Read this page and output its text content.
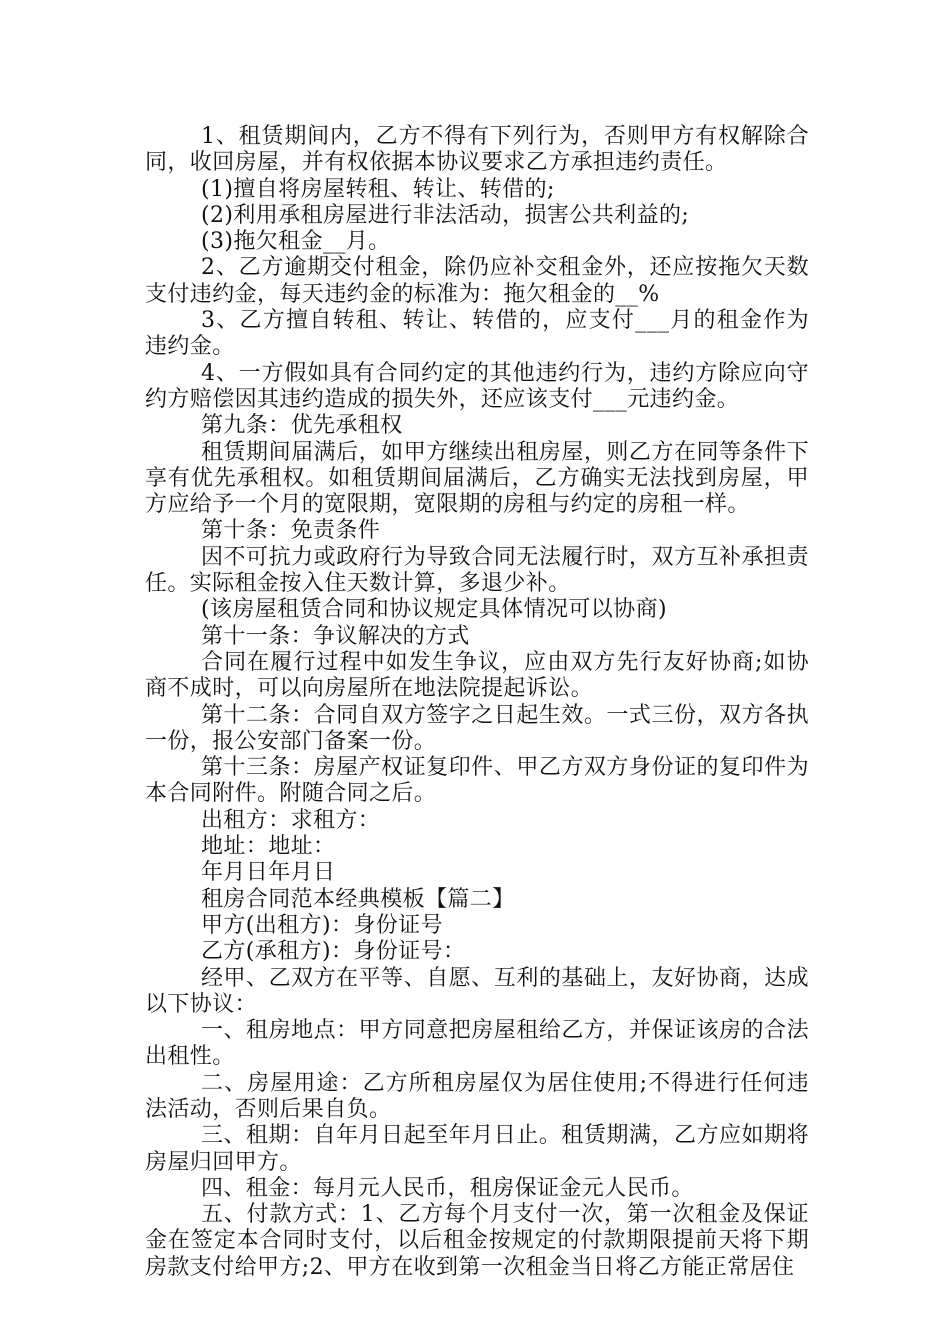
1、租赁期间内，乙方不得有下列行为，否则甲方有权解除合同，收回房屋，并有权依据本协议要求乙方承担违约责任。

(1)擅自将房屋转租、转让、转借的;

(2)利用承租房屋进行非法活动，损害公共利益的;

(3)拖欠租金__月。

2、乙方逾期交付租金，除仍应补交租金外，还应按拖欠天数支付违约金，每天违约金的标准为：拖欠租金的__%

3、乙方擅自转租、转让、转借的，应支付___月的租金作为违约金。

4、一方假如具有合同约定的其他违约行为，违约方除应向守约方赔偿因其违约造成的损失外，还应该支付___元违约金。

第九条：优先承租权

租赁期间届满后，如甲方继续出租房屋，则乙方在同等条件下享有优先承租权。如租赁期间届满后，乙方确实无法找到房屋，甲方应给予一个月的宽限期，宽限期的房租与约定的房租一样。

第十条：免责条件

因不可抗力或政府行为导致合同无法履行时，双方互补承担责任。实际租金按入住天数计算，多退少补。

(该房屋租赁合同和协议规定具体情况可以协商)

第十一条：争议解决的方式

合同在履行过程中如发生争议，应由双方先行友好协商;如协商不成时，可以向房屋所在地法院提起诉讼。

第十二条：合同自双方签字之日起生效。一式三份，双方各执一份，报公安部门备案一份。

第十三条：房屋产权证复印件、甲乙方双方身份证的复印件为本合同附件。附随合同之后。

出租方：求租方：

地址：地址：

年月日年月日

租房合同范本经典模板【篇二】

甲方(出租方)：身份证号

乙方(承租方)：身份证号：

经甲、乙双方在平等、自愿、互利的基础上，友好协商，达成以下协议：

一、租房地点：甲方同意把房屋租给乙方，并保证该房的合法出租性。

二、房屋用途：乙方所租房屋仅为居住使用;不得进行任何违法活动，否则后果自负。

三、租期：自年月日起至年月日止。租赁期满，乙方应如期将房屋归回甲方。

四、租金：每月元人民币，租房保证金元人民币。

五、付款方式：1、乙方每个月支付一次，第一次租金及保证金在签定本合同时支付，以后租金按规定的付款期限提前天将下期房款支付给甲方;2、甲方在收到第一次租金当日将乙方能正常居住
